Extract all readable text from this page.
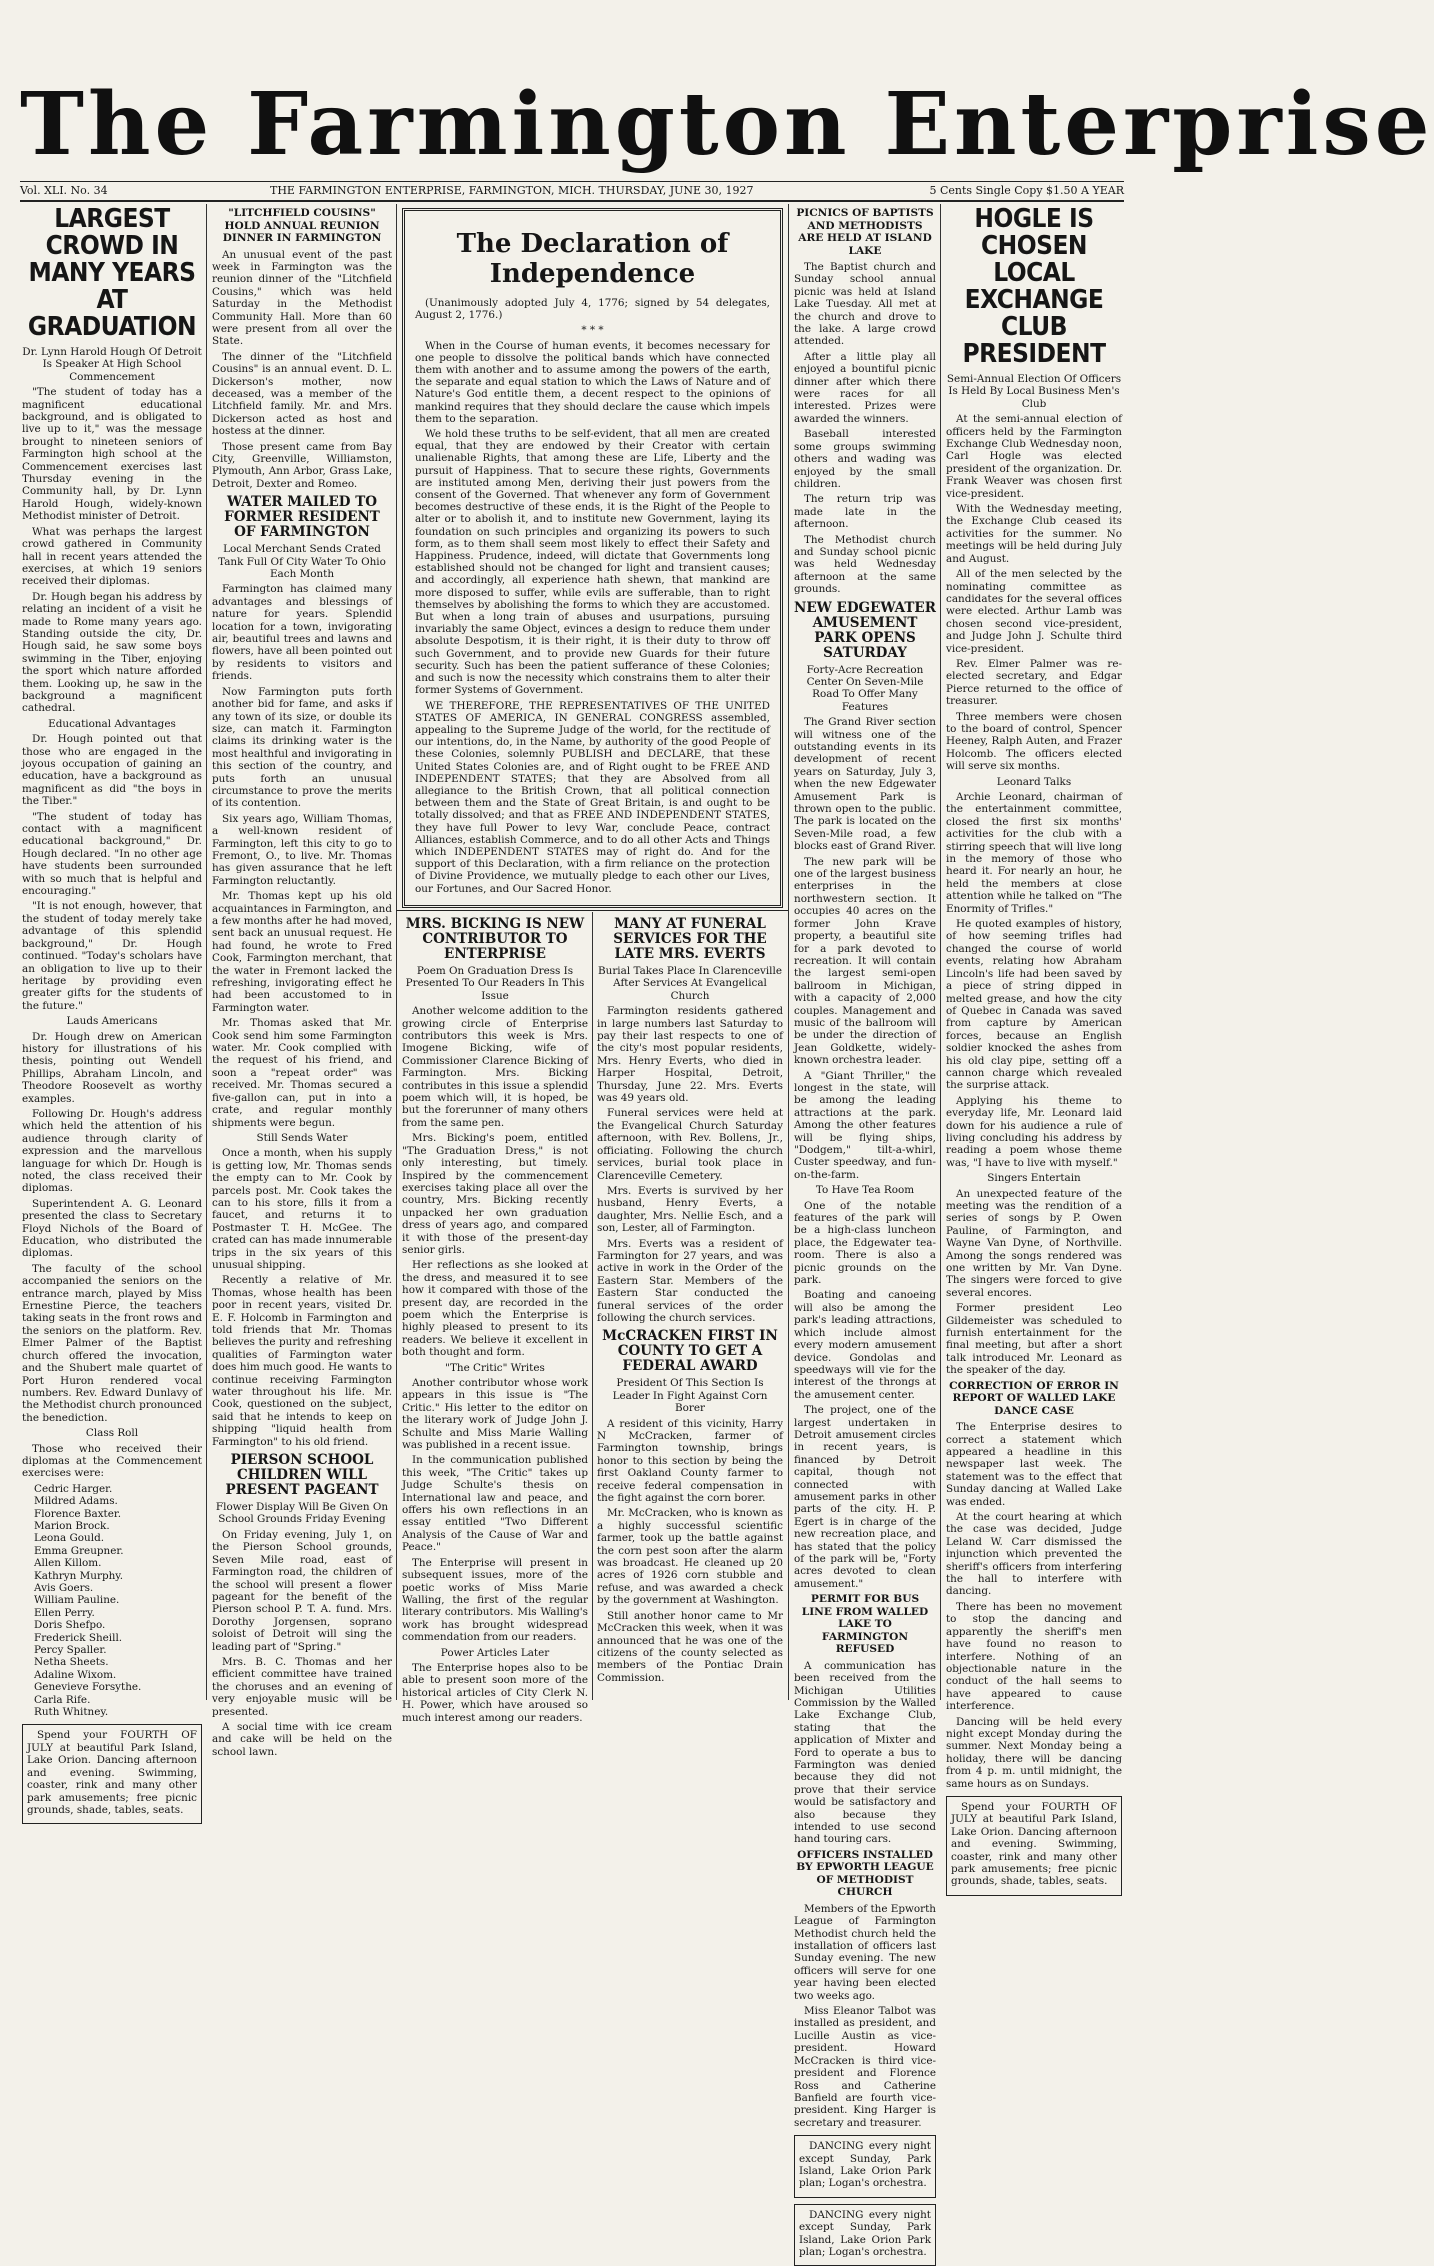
The Farmington Enterprise
Vol. XLI. No. 34	THE FARMINGTON ENTERPRISE, FARMINGTON, MICH. THURSDAY, JUNE 30, 1927	5 Cents Single Copy $1.50 A YEAR
LARGEST CROWD IN MANY YEARS AT GRADUATION

Dr. Lynn Harold Hough Of Detroit Is Speaker At High School Commencement

"The student of today has a magnificent educational background, and is obligated to live up to it," was the message brought to nineteen seniors of Farmington high school at the Commencement exercises last Thursday evening in the Community hall, by Dr. Lynn Harold Hough, widely-known Methodist minister of Detroit.

What was perhaps the largest crowd gathered in Community hall in recent years attended the exercises, at which 19 seniors received their diplomas.

Dr. Hough began his address by relating an incident of a visit he made to Rome many years ago. Standing outside the city, Dr. Hough said, he saw some boys swimming in the Tiber, enjoying the sport which nature afforded them. Looking up, he saw in the background a magnificent cathedral.

Educational Advantages

Dr. Hough pointed out that those who are engaged in the joyous occupation of gaining an education, have a background as magnificent as did "the boys in the Tiber."

"The student of today has contact with a magnificent educational background," Dr. Hough declared. "In no other age have students been surrounded with so much that is helpful and encouraging."

"It is not enough, however, that the student of today merely take advantage of this splendid background," Dr. Hough continued. "Today's scholars have an obligation to live up to their heritage by providing even greater gifts for the students of the future."

Lauds Americans

Dr. Hough drew on American history for illustrations of his thesis, pointing out Wendell Phillips, Abraham Lincoln, and Theodore Roosevelt as worthy examples.

Following Dr. Hough's address which held the attention of his audience through clarity of expression and the marvellous language for which Dr. Hough is noted, the class received their diplomas.

Superintendent A. G. Leonard presented the class to Secretary Floyd Nichols of the Board of Education, who distributed the diplomas.

The faculty of the school accompanied the seniors on the entrance march, played by Miss Ernestine Pierce, the teachers taking seats in the front rows and the seniors on the platform. Rev. Elmer Palmer of the Baptist church offered the invocation, and the Shubert male quartet of Port Huron rendered vocal numbers. Rev. Edward Dunlavy of the Methodist church pronounced the benediction.

Class Roll

Those who received their diplomas at the Commencement exercises were:

Cedric Harger.
Mildred Adams.
Florence Baxter.
Marion Brock.
Leona Gould.
Emma Greupner.
Allen Killom.
Kathryn Murphy.
Avis Goers.
William Pauline.
Ellen Perry.
Doris Shefpo.
Frederick Sheill.
Percy Spaller.
Netha Sheets.
Adaline Wixom.
Genevieve Forsythe.
Carla Rife.
Ruth Whitney.

Spend your FOURTH OF JULY at beautiful Park Island, Lake Orion. Dancing afternoon and evening. Swimming, coaster, rink and many other park amusements; free picnic grounds, shade, tables, seats.

"LITCHFIELD COUSINS" HOLD ANNUAL REUNION DINNER IN FARMINGTON

An unusual event of the past week in Farmington was the reunion dinner of the "Litchfield Cousins," which was held Saturday in the Methodist Community Hall. More than 60 were present from all over the State.

The dinner of the "Litchfield Cousins" is an annual event. D. L. Dickerson's mother, now deceased, was a member of the Litchfield family. Mr. and Mrs. Dickerson acted as host and hostess at the dinner.

Those present came from Bay City, Greenville, Williamston, Plymouth, Ann Arbor, Grass Lake, Detroit, Dexter and Romeo.

WATER MAILED TO FORMER RESIDENT OF FARMINGTON

Local Merchant Sends Crated Tank Full Of City Water To Ohio Each Month

Farmington has claimed many advantages and blessings of nature for years. Splendid location for a town, invigorating air, beautiful trees and lawns and flowers, have all been pointed out by residents to visitors and friends.

Now Farmington puts forth another bid for fame, and asks if any town of its size, or double its size, can match it. Farmington claims its drinking water is the most healthful and invigorating in this section of the country, and puts forth an unusual circumstance to prove the merits of its contention.

Six years ago, William Thomas, a well-known resident of Farmington, left this city to go to Fremont, O., to live. Mr. Thomas has given assurance that he left Farmington reluctantly.

Mr. Thomas kept up his old acquaintances in Farmington, and a few months after he had moved, sent back an unusual request. He had found, he wrote to Fred Cook, Farmington merchant, that the water in Fremont lacked the refreshing, invigorating effect he had been accustomed to in Farmington water.

Mr. Thomas asked that Mr. Cook send him some Farmington water. Mr. Cook complied with the request of his friend, and soon a "repeat order" was received. Mr. Thomas secured a five-gallon can, put in into a crate, and regular monthly shipments were begun.

Still Sends Water

Once a month, when his supply is getting low, Mr. Thomas sends the empty can to Mr. Cook by parcels post. Mr. Cook takes the can to his store, fills it from a faucet, and returns it to Postmaster T. H. McGee. The crated can has made innumerable trips in the six years of this unusual shipping.

Recently a relative of Mr. Thomas, whose health has been poor in recent years, visited Dr. E. F. Holcomb in Farmington and told friends that Mr. Thomas believes the purity and refreshing qualities of Farmington water does him much good. He wants to continue receiving Farmington water throughout his life. Mr. Cook, questioned on the subject, said that he intends to keep on shipping "liquid health from Farmington" to his old friend.

PIERSON SCHOOL CHILDREN WILL PRESENT PAGEANT

Flower Display Will Be Given On School Grounds Friday Evening

On Friday evening, July 1, on the Pierson School grounds, Seven Mile road, east of Farmington road, the children of the school will present a flower pageant for the benefit of the Pierson school P. T. A. fund. Mrs. Dorothy Jorgensen, soprano soloist of Detroit will sing the leading part of "Spring."

Mrs. B. C. Thomas and her efficient committee have trained the choruses and an evening of very enjoyable music will be presented.

A social time with ice cream and cake will be held on the school lawn.

The Declaration of Independence

(Unanimously adopted July 4, 1776; signed by 54 delegates, August 2, 1776.)

* * *

When in the Course of human events, it becomes necessary for one people to dissolve the political bands which have connected them with another and to assume among the powers of the earth, the separate and equal station to which the Laws of Nature and of Nature's God entitle them, a decent respect to the opinions of mankind requires that they should declare the cause which impels them to the separation.

We hold these truths to be self-evident, that all men are created equal, that they are endowed by their Creator with certain unalienable Rights, that among these are Life, Liberty and the pursuit of Happiness. That to secure these rights, Governments are instituted among Men, deriving their just powers from the consent of the Governed. That whenever any form of Government becomes destructive of these ends, it is the Right of the People to alter or to abolish it, and to institute new Government, laying its foundation on such principles and organizing its powers to such form, as to them shall seem most likely to effect their Safety and Happiness. Prudence, indeed, will dictate that Governments long established should not be changed for light and transient causes; and accordingly, all experience hath shewn, that mankind are more disposed to suffer, while evils are sufferable, than to right themselves by abolishing the forms to which they are accustomed. But when a long train of abuses and usurpations, pursuing invariably the same Object, evinces a design to reduce them under absolute Despotism, it is their right, it is their duty to throw off such Government, and to provide new Guards for their future security. Such has been the patient sufferance of these Colonies; and such is now the necessity which constrains them to alter their former Systems of Government.

WE THEREFORE, THE REPRESENTATIVES OF THE UNITED STATES OF AMERICA, IN GENERAL CONGRESS assembled, appealing to the Supreme Judge of the world, for the rectitude of our intentions, do, in the Name, by authority of the good People of these Colonies, solemnly PUBLISH and DECLARE, that these United States Colonies are, and of Right ought to be FREE AND INDEPENDENT STATES; that they are Absolved from all allegiance to the British Crown, that all political connection between them and the State of Great Britain, is and ought to be totally dissolved; and that as FREE AND INDEPENDENT STATES, they have full Power to levy War, conclude Peace, contract Alliances, establish Commerce, and to do all other Acts and Things which INDEPENDENT STATES may of right do. And for the support of this Declaration, with a firm reliance on the protection of Divine Providence, we mutually pledge to each other our Lives, our Fortunes, and Our Sacred Honor.

MRS. BICKING IS NEW CONTRIBUTOR TO ENTERPRISE

Poem On Graduation Dress Is Presented To Our Readers In This Issue

Another welcome addition to the growing circle of Enterprise contributors this week is Mrs. Imogene Bicking, wife of Commissioner Clarence Bicking of Farmington. Mrs. Bicking contributes in this issue a splendid poem which will, it is hoped, be but the forerunner of many others from the same pen.

Mrs. Bicking's poem, entitled "The Graduation Dress," is not only interesting, but timely. Inspired by the commencement exercises taking place all over the country, Mrs. Bicking recently unpacked her own graduation dress of years ago, and compared it with those of the present-day senior girls.

Her reflections as she looked at the dress, and measured it to see how it compared with those of the present day, are recorded in the poem which the Enterprise is highly pleased to present to its readers. We believe it excellent in both thought and form.

"The Critic" Writes

Another contributor whose work appears in this issue is "The Critic." His letter to the editor on the literary work of Judge John J. Schulte and Miss Marie Walling was published in a recent issue.

In the communication published this week, "The Critic" takes up Judge Schulte's thesis on International law and peace, and offers his own reflections in an essay entitled "Two Different Analysis of the Cause of War and Peace."

The Enterprise will present in subsequent issues, more of the poetic works of Miss Marie Walling, the first of the regular literary contributors. Mis Walling's work has brought widespread commendation from our readers.

Power Articles Later

The Enterprise hopes also to be able to present soon more of the historical articles of City Clerk N. H. Power, which have aroused so much interest among our readers.

MANY AT FUNERAL SERVICES FOR THE LATE MRS. EVERTS

Burial Takes Place In Clarenceville After Services At Evangelical Church

Farmington residents gathered in large numbers last Saturday to pay their last respects to one of the city's most popular residents, Mrs. Henry Everts, who died in Harper Hospital, Detroit, Thursday, June 22. Mrs. Everts was 49 years old.

Funeral services were held at the Evangelical Church Saturday afternoon, with Rev. Bollens, Jr., officiating. Following the church services, burial took place in Clarenceville Cemetery.

Mrs. Everts is survived by her husband, Henry Everts, a daughter, Mrs. Nellie Esch, and a son, Lester, all of Farmington.

Mrs. Everts was a resident of Farmington for 27 years, and was active in work in the Order of the Eastern Star. Members of the Eastern Star conducted the funeral services of the order following the church services.

McCRACKEN FIRST IN COUNTY TO GET A FEDERAL AWARD

President Of This Section Is Leader In Fight Against Corn Borer

A resident of this vicinity, Harry N McCracken, farmer of Farmington township, brings honor to this section by being the first Oakland County farmer to receive federal compensation in the fight against the corn borer.

Mr. McCracken, who is known as a highly successful scientific farmer, took up the battle against the corn pest soon after the alarm was broadcast. He cleaned up 20 acres of 1926 corn stubble and refuse, and was awarded a check by the government at Washington.

Still another honor came to Mr McCracken this week, when it was announced that he was one of the citizens of the county selected as members of the Pontiac Drain Commission.

PICNICS OF BAPTISTS AND METHODISTS ARE HELD AT ISLAND LAKE

The Baptist church and Sunday school annual picnic was held at Island Lake Tuesday. All met at the church and drove to the lake. A large crowd attended.

After a little play all enjoyed a bountiful picnic dinner after which there were races for all interested. Prizes were awarded the winners.

Baseball interested some groups swimming others and wading was enjoyed by the small children.

The return trip was made late in the afternoon.

The Methodist church and Sunday school picnic was held Wednesday afternoon at the same grounds.

NEW EDGEWATER AMUSEMENT PARK OPENS SATURDAY

Forty-Acre Recreation Center On Seven-Mile Road To Offer Many Features

The Grand River section will witness one of the outstanding events in its development of recent years on Saturday, July 3, when the new Edgewater Amusement Park is thrown open to the public. The park is located on the Seven-Mile road, a few blocks east of Grand River.

The new park will be one of the largest business enterprises in the northwestern section. It occupies 40 acres on the former John Krave property, a beautiful site for a park devoted to recreation. It will contain the largest semi-open ballroom in Michigan, with a capacity of 2,000 couples. Management and music of the ballroom will be under the direction of Jean Goldkette, widely-known orchestra leader.

A "Giant Thriller," the longest in the state, will be among the leading attractions at the park. Among the other features will be flying ships, "Dodgem," tilt-a-whirl, Custer speedway, and fun-on-the-farm.

To Have Tea Room

One of the notable features of the park will be a high-class luncheon place, the Edgewater tea-room. There is also a picnic grounds on the park.

Boating and canoeing will also be among the park's leading attractions, which include almost every modern amusement device. Gondolas and speedways will vie for the interest of the throngs at the amusement center.

The project, one of the largest undertaken in Detroit amusement circles in recent years, is financed by Detroit capital, though not connected with amusement parks in other parts of the city. H. P. Egert is in charge of the new recreation place, and has stated that the policy of the park will be, "Forty acres devoted to clean amusement."

PERMIT FOR BUS LINE FROM WALLED LAKE TO FARMINGTON REFUSED

A communication has been received from the Michigan Utilities Commission by the Walled Lake Exchange Club, stating that the application of Mixter and Ford to operate a bus to Farmington was denied because they did not prove that their service would be satisfactory and also because they intended to use second hand touring cars.

OFFICERS INSTALLED BY EPWORTH LEAGUE OF METHODIST CHURCH

Members of the Epworth League of Farmington Methodist church held the installation of officers last Sunday evening. The new officers will serve for one year having been elected two weeks ago.

Miss Eleanor Talbot was installed as president, and Lucille Austin as vice-president. Howard McCracken is third vice-president and Florence Ross and Catherine Banfield are fourth vice-president. King Harger is secretary and treasurer.

DANCING every night except Sunday, Park Island, Lake Orion Park plan; Logan's orchestra.

DANCING every night except Sunday, Park Island, Lake Orion Park plan; Logan's orchestra.

HOGLE IS CHOSEN LOCAL EXCHANGE CLUB PRESIDENT

Semi-Annual Election Of Officers Is Held By Local Business Men's Club

At the semi-annual election of officers held by the Farmington Exchange Club Wednesday noon, Carl Hogle was elected president of the organization. Dr. Frank Weaver was chosen first vice-president.

With the Wednesday meeting, the Exchange Club ceased its activities for the summer. No meetings will be held during July and August.

All of the men selected by the nominating committee as candidates for the several offices were elected. Arthur Lamb was chosen second vice-president, and Judge John J. Schulte third vice-president.

Rev. Elmer Palmer was re-elected secretary, and Edgar Pierce returned to the office of treasurer.

Three members were chosen to the board of control, Spencer Heeney, Ralph Auten, and Frazer Holcomb. The officers elected will serve six months.

Leonard Talks

Archie Leonard, chairman of the entertainment committee, closed the first six months' activities for the club with a stirring speech that will live long in the memory of those who heard it. For nearly an hour, he held the members at close attention while he talked on "The Enormity of Trifles."

He quoted examples of history, of how seeming trifles had changed the course of world events, relating how Abraham Lincoln's life had been saved by a piece of string dipped in melted grease, and how the city of Quebec in Canada was saved from capture by American forces, because an English soldier knocked the ashes from his old clay pipe, setting off a cannon charge which revealed the surprise attack.

Applying his theme to everyday life, Mr. Leonard laid down for his audience a rule of living concluding his address by reading a poem whose theme was, "I have to live with myself."

Singers Entertain

An unexpected feature of the meeting was the rendition of a series of songs by P. Owen Pauline, of Farmington, and Wayne Van Dyne, of Northville. Among the songs rendered was one written by Mr. Van Dyne. The singers were forced to give several encores.

Former president Leo Gildemeister was scheduled to furnish entertainment for the final meeting, but after a short talk introduced Mr. Leonard as the speaker of the day.

CORRECTION OF ERROR IN REPORT OF WALLED LAKE DANCE CASE

The Enterprise desires to correct a statement which appeared a headline in this newspaper last week. The statement was to the effect that Sunday dancing at Walled Lake was ended.

At the court hearing at which the case was decided, Judge Leland W. Carr dismissed the injunction which prevented the sheriff's officers from interfering the hall to interfere with dancing.

There has been no movement to stop the dancing and apparently the sheriff's men have found no reason to interfere. Nothing of an objectionable nature in the conduct of the hall seems to have appeared to cause interference.

Dancing will be held every night except Monday during the summer. Next Monday being a holiday, there will be dancing from 4 p. m. until midnight, the same hours as on Sundays.

Spend your FOURTH OF JULY at beautiful Park Island, Lake Orion. Dancing afternoon and evening. Swimming, coaster, rink and many other park amusements; free picnic grounds, shade, tables, seats.
